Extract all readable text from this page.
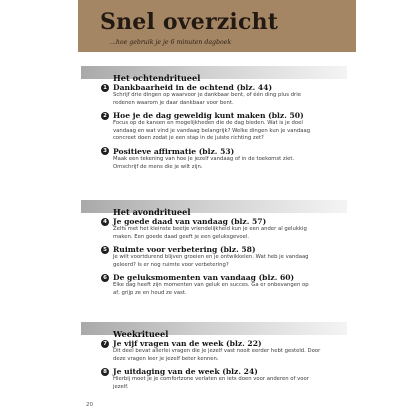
Snel overzicht
...hoe gebruik je je 6 minuten dagboek
Het ochtendritueel
1 Dankbaarheid in de ochtend (blz. 44)
Schrijf drie dingen op waarvoor je dankbaar bent, of één ding plus drie
redenen waarom je daar dankbaar voor bent.
2 Hoe je de dag geweldig kunt maken (blz. 50)
Focus op de kansen en mogelijkheden die de dag bieden. Wat is je doel
vandaag en wat vind je vandaag belangrijk? Welke dingen kun je vandaag
concreet doen zodat je een stap in de juiste richting zet?
3 Positieve affirmatie (blz. 53)
Maak een tekening van hoe je jezelf vandaag of in de toekomst ziet.
Omschrijf de mens die je wilt zijn.
Het avondritueel
4 Je goede daad van vandaag (blz. 57)
Zelfs met het kleinste beetje vriendelijkheid kun je een ander al gelukkig
maken. Een goede daad geeft je een geluksgevoel.
5 Ruimte voor verbetering (blz. 58)
Je wilt voortdurend blijven groeien en je ontwikkelen. Wat heb je vandaag
geleerd? Is er nog ruimte voor verbetering?
6 De geluksmomenten van vandaag (blz. 60)
Elke dag heeft zijn momenten van geluk en succes. Ga er onbevangen op
af, grijp ze en houd ze vast.
Weekritueel
7 Je vijf vragen van de week (blz. 22)
Dit deel bevat allerlei vragen die je jezelf vast nooit eerder hebt gesteld. Door
deze vragen leer je jezelf beter kennen.
8 Je uitdaging van de week (blz. 24)
Hierbij moet je je comfortzone verlaten en iets doen voor anderen of voor
jezelf.
20
